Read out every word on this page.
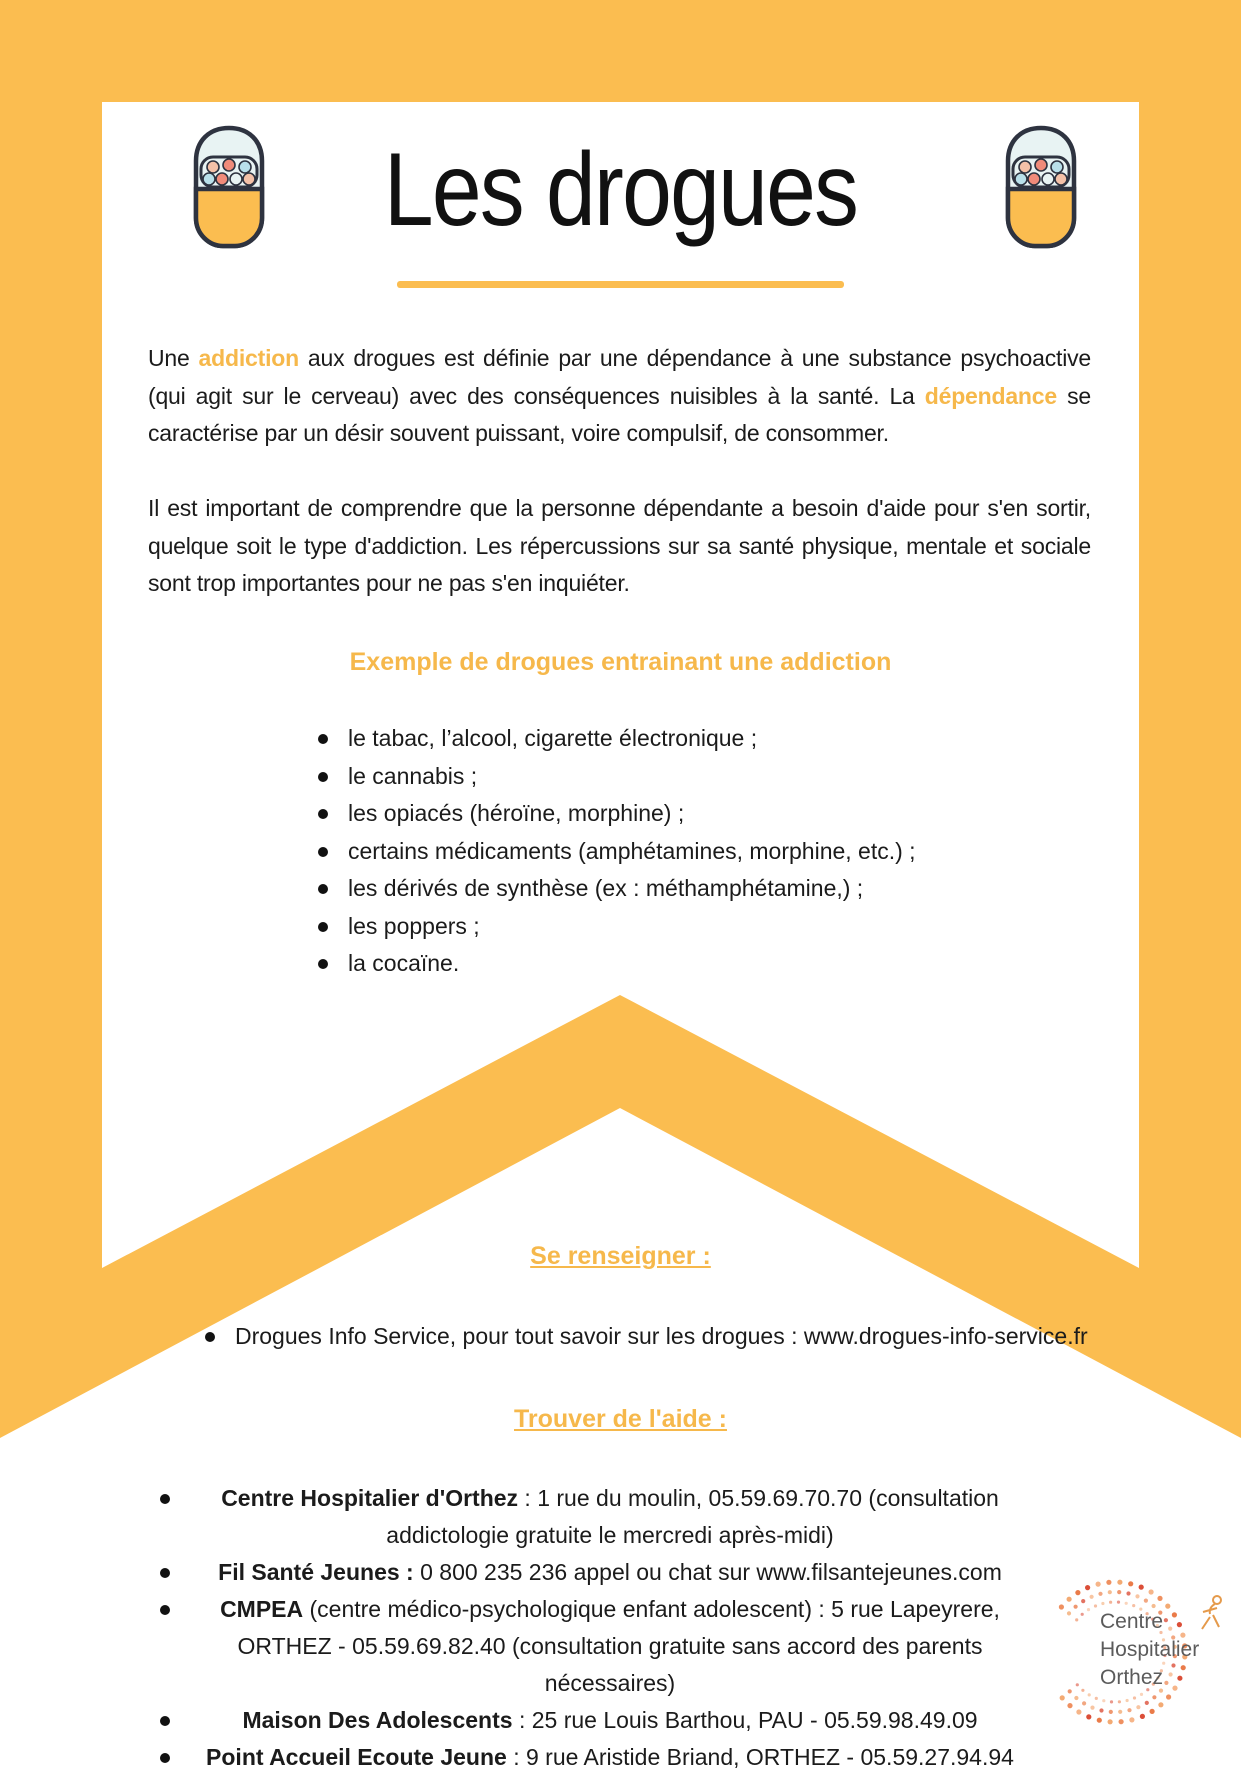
Les drogues

Une addiction aux drogues est définie par une dépendance à une substance psychoactive (qui agit sur le cerveau) avec des conséquences nuisibles à la santé. La dépendance se caractérise par un désir souvent puissant, voire compulsif, de consommer.

Il est important de comprendre que la personne dépendante a besoin d'aide pour s'en sortir, quelque soit le type d'addiction. Les répercussions sur sa santé physique, mentale et sociale sont trop importantes pour ne pas s'en inquiéter.

Exemple de drogues entrainant une addiction
le tabac, l’alcool, cigarette électronique ;
le cannabis ;
les opiacés (héroïne, morphine) ;
certains médicaments (amphétamines, morphine, etc.) ;
les dérivés de synthèse (ex : méthamphétamine,) ;
les poppers ;
la cocaïne.
Se renseigner :
Drogues Info Service, pour tout savoir sur les drogues : www.drogues-info-service.fr
Trouver de l'aide :
Centre Hospitalier d'Orthez : 1 rue du moulin, 05.59.69.70.70 (consultation addictologie gratuite le mercredi après-midi)
Fil Santé Jeunes : 0 800 235 236 appel ou chat sur www.filsantejeunes.com
CMPEA (centre médico-psychologique enfant adolescent) : 5 rue Lapeyrere, ORTHEZ - 05.59.69.82.40 (consultation gratuite sans accord des parents nécessaires)
Maison Des Adolescents : 25 rue Louis Barthou, PAU - 05.59.98.49.09
Point Accueil Ecoute Jeune : 9 rue Aristide Briand, ORTHEZ - 05.59.27.94.94
Centre
Hospitalier
Orthez
